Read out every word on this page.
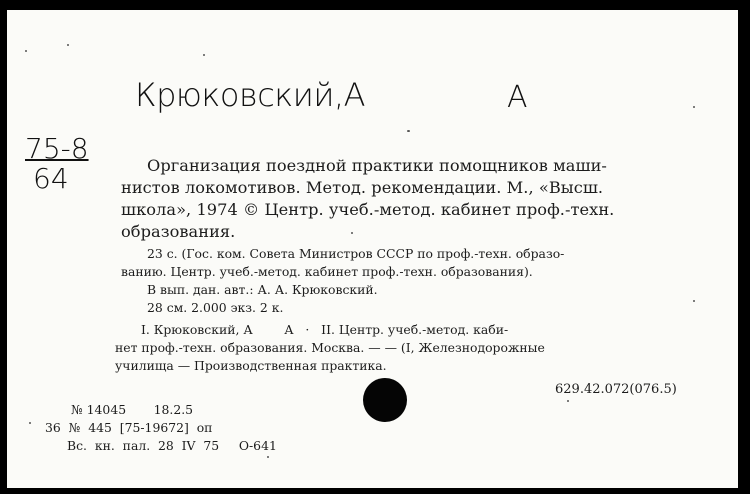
Крюковский,А	А
75-8
64	Организация поездной практики помощников маши-
нистов локомотивов. Метод. рекомендации. М., «Высш.
школа», 1974 © Центр. учеб.-метод. кабинет проф.-техн.
образования.
23 с. (Гос. ком. Совета Министров СССР по проф.-техн. образо-
ванию. Центр. учеб.-метод. кабинет проф.-техн. образования).
В вып. дан. авт.: А. А. Крюковский.
28 см. 2.000 экз. 2 к.
I. Крюковский, А        А   ·   II. Центр. учеб.-метод. каби-
нет проф.-техн. образования. Москва. — — (I, Железнодорожные
училища — Производственная практика.
629.42.072(076.5)
№ 14045       18.2.5
36  №  445  [75-19672]  оп
Вс.  кн.  пал.  28  IV  75     О-641
